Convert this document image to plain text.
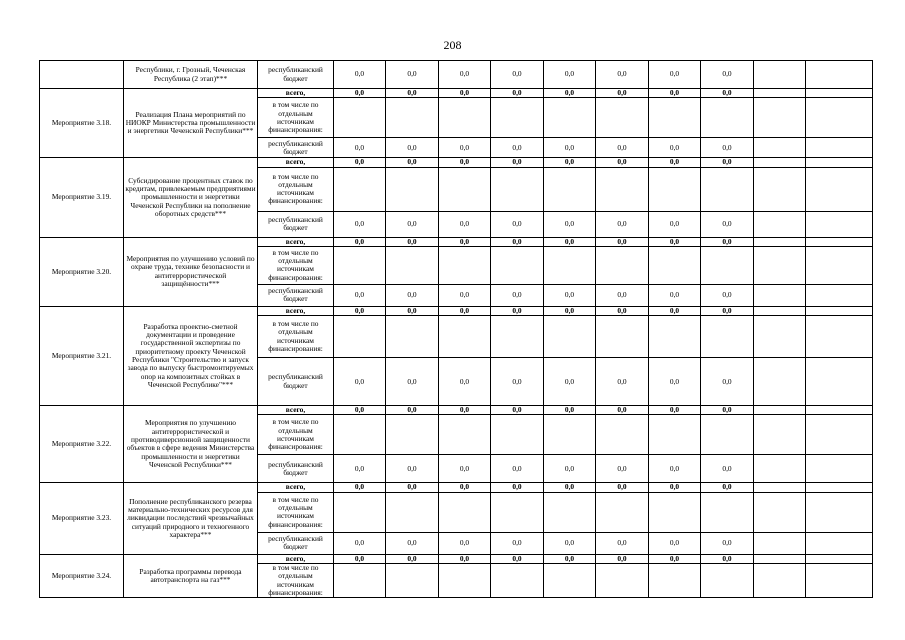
208
	Республики, г. Грозный, Чеченская Республика (2 этап)***	республиканский бюджет	0,0	0,0	0,0	0,0	0,0	0,0	0,0	0,0		
Мероприятие 3.18.	Реализация Плана мероприятий по НИОКР Министерства промышленности и энергетики Чеченской Республики***	всего,	0,0	0,0	0,0	0,0	0,0	0,0	0,0	0,0		
		в том числе по отдельным источникам финансирования:										
		республиканский бюджет	0,0	0,0	0,0	0,0	0,0	0,0	0,0	0,0		
Мероприятие 3.19.	Субсидирование процентных ставок по кредитам, привлекаемым предприятиями промышленности и энергетики Чеченской Республики на пополнение оборотных средств***	всего,	0,0	0,0	0,0	0,0	0,0	0,0	0,0	0,0		
		в том числе по отдельным источникам финансирования:										
		республиканский бюджет	0,0	0,0	0,0	0,0	0,0	0,0	0,0	0,0		
Мероприятие 3.20.	Мероприятия по улучшению условий по охране труда, технике безопасности и антитеррористической защищённости***	всего,	0,0	0,0	0,0	0,0	0,0	0,0	0,0	0,0		
		в том числе по отдельным источникам финансирования:										
		республиканский бюджет	0,0	0,0	0,0	0,0	0,0	0,0	0,0	0,0		
Мероприятие 3.21.	Разработка проектно-сметной документации и проведение государственной экспертизы по приоритетному проекту Чеченской Республики "Строительство и запуск завода по выпуску быстромонтируемых опор на композитных стойках в Чеченской Республике"***	всего,	0,0	0,0	0,0	0,0	0,0	0,0	0,0	0,0		
		в том числе по отдельным источникам финансирования:										
		республиканский бюджет	0,0	0,0	0,0	0,0	0,0	0,0	0,0	0,0		
Мероприятие 3.22.	Мероприятия по улучшению антитеррористической и противодиверсионной защищенности объектов в сфере ведения Министерства промышленности и энергетики Чеченской Республики***	всего,	0,0	0,0	0,0	0,0	0,0	0,0	0,0	0,0		
		в том числе по отдельным источникам финансирования:										
		республиканский бюджет	0,0	0,0	0,0	0,0	0,0	0,0	0,0	0,0		
Мероприятие 3.23.	Пополнение республиканского резерва материально-технических ресурсов для ликвидации последствий чрезвычайных ситуаций природного и техногенного характера***	всего,	0,0	0,0	0,0	0,0	0,0	0,0	0,0	0,0		
		в том числе по отдельным источникам финансирования:										
		республиканский бюджет	0,0	0,0	0,0	0,0	0,0	0,0	0,0	0,0		
Мероприятие 3.24.	Разработка программы перевода автотранспорта на газ***	всего,	0,0	0,0	0,0	0,0	0,0	0,0	0,0	0,0		
		в том числе по отдельным источникам финансирования:										
